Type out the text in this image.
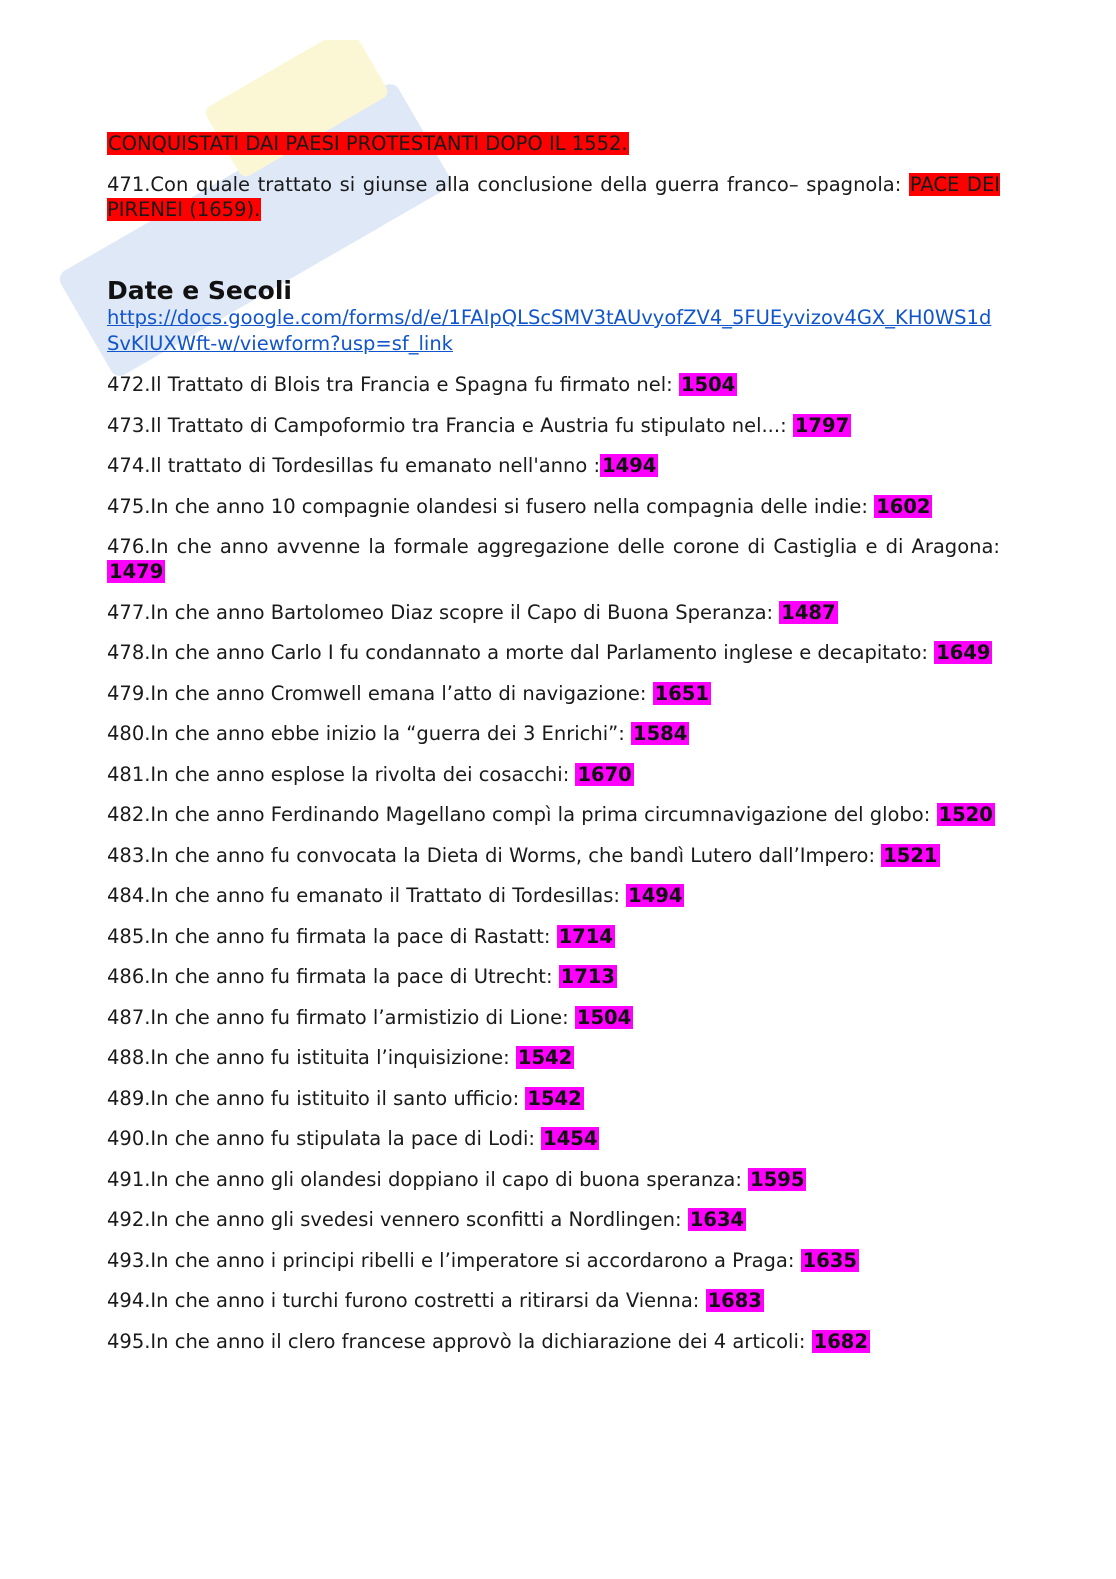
CONQUISTATI DAI PAESI PROTESTANTI DOPO IL 1552.

471.Con quale trattato si giunse alla conclusione della guerra franco– spagnola: PACE DEI PIRENEI (1659).

Date e Secoli
https://docs.google.com/forms/d/e/1FAIpQLScSMV3tAUvyofZV4_5FUEyvizov4GX_KH0WS1dSvKlUXWft-w/viewform?usp=sf_link

472.Il Trattato di Blois tra Francia e Spagna fu firmato nel: 1504

473.Il Trattato di Campoformio tra Francia e Austria fu stipulato nel...: 1797

474.Il trattato di Tordesillas fu emanato nell'anno : 1494

475.In che anno 10 compagnie olandesi si fusero nella compagnia delle indie: 1602

476.In che anno avvenne la formale aggregazione delle corone di Castiglia e di Aragona: 1479

477.In che anno Bartolomeo Diaz scopre il Capo di Buona Speranza: 1487

478.In che anno Carlo I fu condannato a morte dal Parlamento inglese e decapitato: 1649

479.In che anno Cromwell emana l’atto di navigazione: 1651

480.In che anno ebbe inizio la “guerra dei 3 Enrichi”: 1584

481.In che anno esplose la rivolta dei cosacchi: 1670

482.In che anno Ferdinando Magellano compì la prima circumnavigazione del globo: 1520

483.In che anno fu convocata la Dieta di Worms, che bandì Lutero dall’Impero: 1521

484.In che anno fu emanato il Trattato di Tordesillas: 1494

485.In che anno fu firmata la pace di Rastatt: 1714

486.In che anno fu firmata la pace di Utrecht: 1713

487.In che anno fu firmato l’armistizio di Lione: 1504

488.In che anno fu istituita l’inquisizione: 1542

489.In che anno fu istituito il santo ufficio: 1542

490.In che anno fu stipulata la pace di Lodi: 1454

491.In che anno gli olandesi doppiano il capo di buona speranza: 1595

492.In che anno gli svedesi vennero sconfitti a Nordlingen: 1634

493.In che anno i principi ribelli e l’imperatore si accordarono a Praga: 1635

494.In che anno i turchi furono costretti a ritirarsi da Vienna: 1683

495.In che anno il clero francese approvò la dichiarazione dei 4 articoli: 1682
